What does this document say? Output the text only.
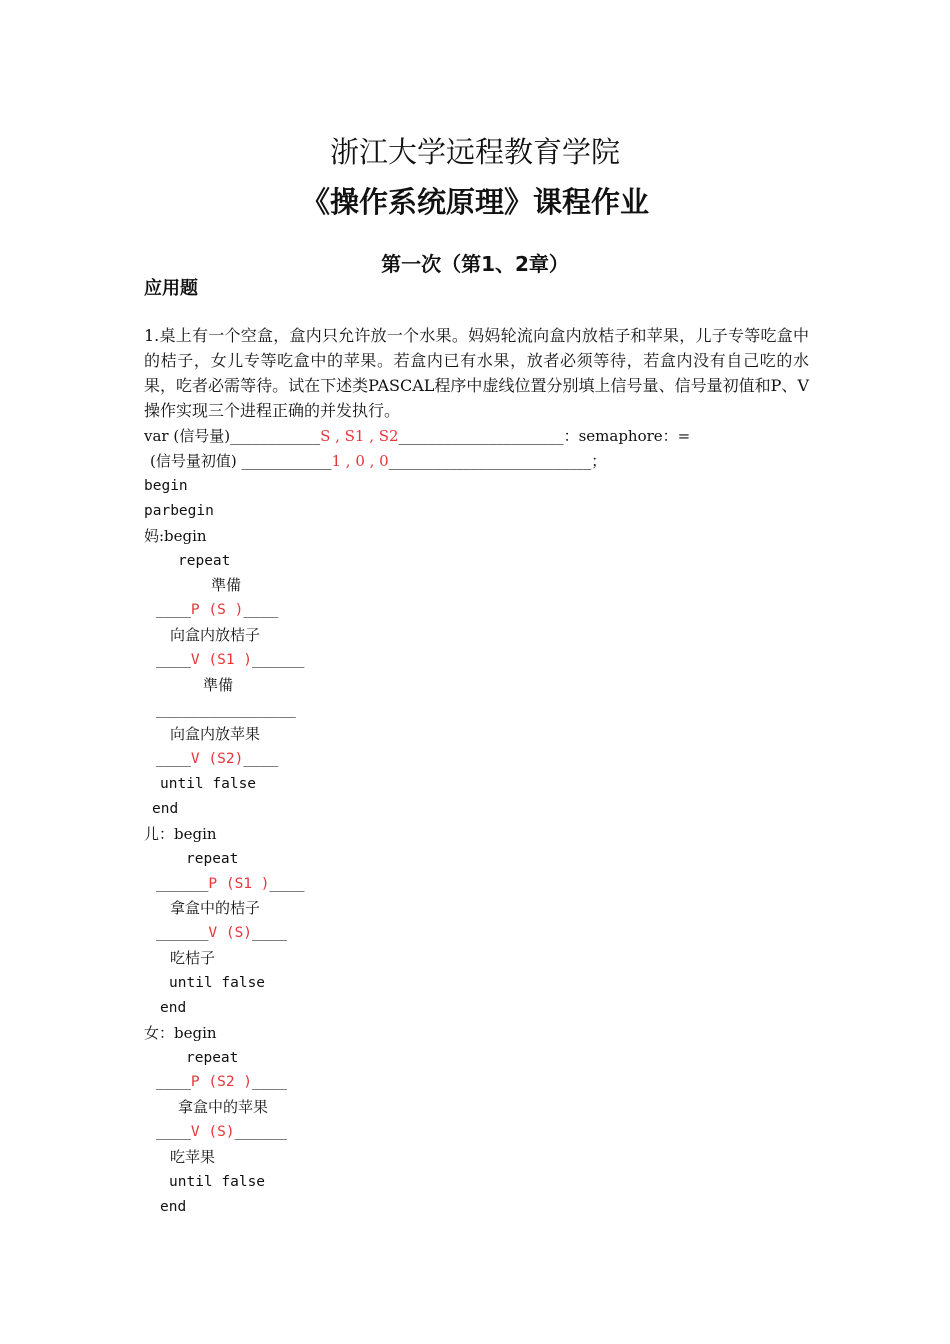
浙江大学远程教育学院
《操作系统原理》课程作业
第一次（第1、2章）
应用题

1.桌上有一个空盒，盒内只允许放一个水果。妈妈轮流向盒内放桔子和苹果，儿子专等吃盒中的桔子，女儿专等吃盒中的苹果。若盒内已有水果，放者必须等待，若盒内没有自己吃的水果，吃者必需等待。试在下述类PASCAL程序中虚线位置分别填上信号量、信号量初值和P、V操作实现三个进程正确的并发执行。

var (信号量)____________S , S1 , S2______________________：semaphore：=
(信号量初值) ____________1 , 0 , 0___________________________；
begin
parbegin
妈:begin
repeat
準備
____P (S )____
向盒内放桔子
____V (S1 )______
準備
________________
向盒内放苹果
____V (S2)____
until false
end
儿：begin
repeat
______P (S1 )____
拿盒中的桔子
______V (S)____
吃桔子
until false
end
女：begin
repeat
____P (S2 )____
拿盒中的苹果
____V (S)______
吃苹果
until false
end
